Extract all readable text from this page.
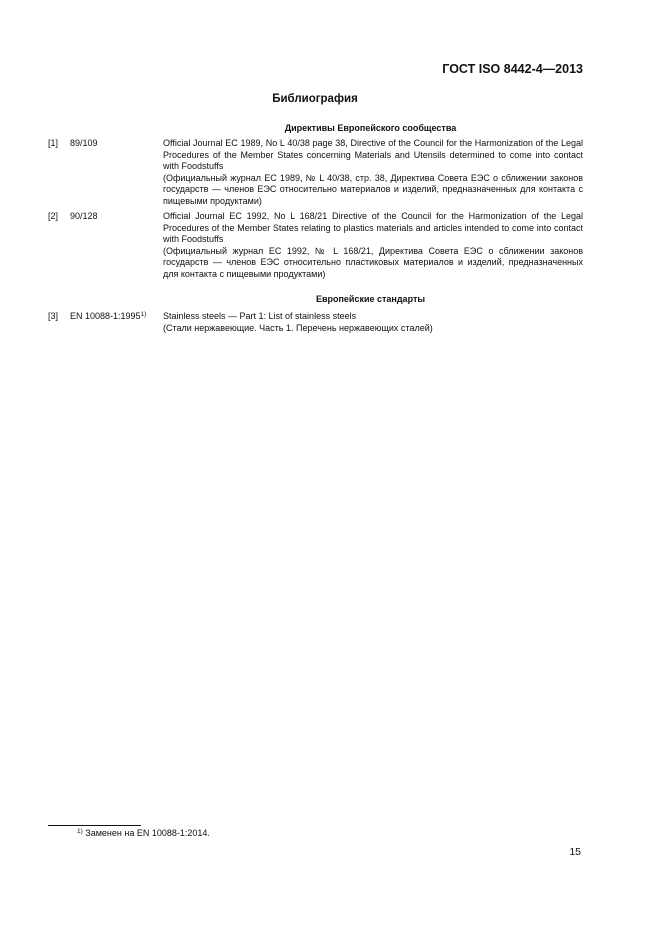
ГОСТ ISO 8442-4—2013
Библиография
Директивы Европейского сообщества
[1] 89/109	Official Journal EC 1989, No L 40/38 page 38, Directive of the Council for the Harmonization of the Legal Procedures of the Member States concerning Materials and Utensils determined to come into contact with Foodstuffs

(Официальный журнал ЕС 1989, № L 40/38, стр. 38, Директива Совета ЕЭС о сближении законов государств — членов ЕЭС относительно материалов и изделий, предназначенных для контакта с пищевыми продуктами)

[2] 90/128	Official Journal EC 1992, No L 168/21 Directive of the Council for the Harmonization of the Legal Procedures of the Member States relating to plastics materials and articles intended to come into contact with Foodstuffs

(Официальный журнал ЕС 1992, № L 168/21, Директива Совета ЕЭС о сближении законов государств — членов ЕЭС относительно пластиковых материалов и изделий, предназначенных для контакта с пищевыми продуктами)

Европейские стандарты
[3] EN 10088-1:1995$^{1)}$ Stainless steels — Part 1: List of stainless steels

(Стали нержавеющие. Часть 1. Перечень нержавеющих сталей)

$^{1)}$ Заменен на EN 10088-1:2014.
15
